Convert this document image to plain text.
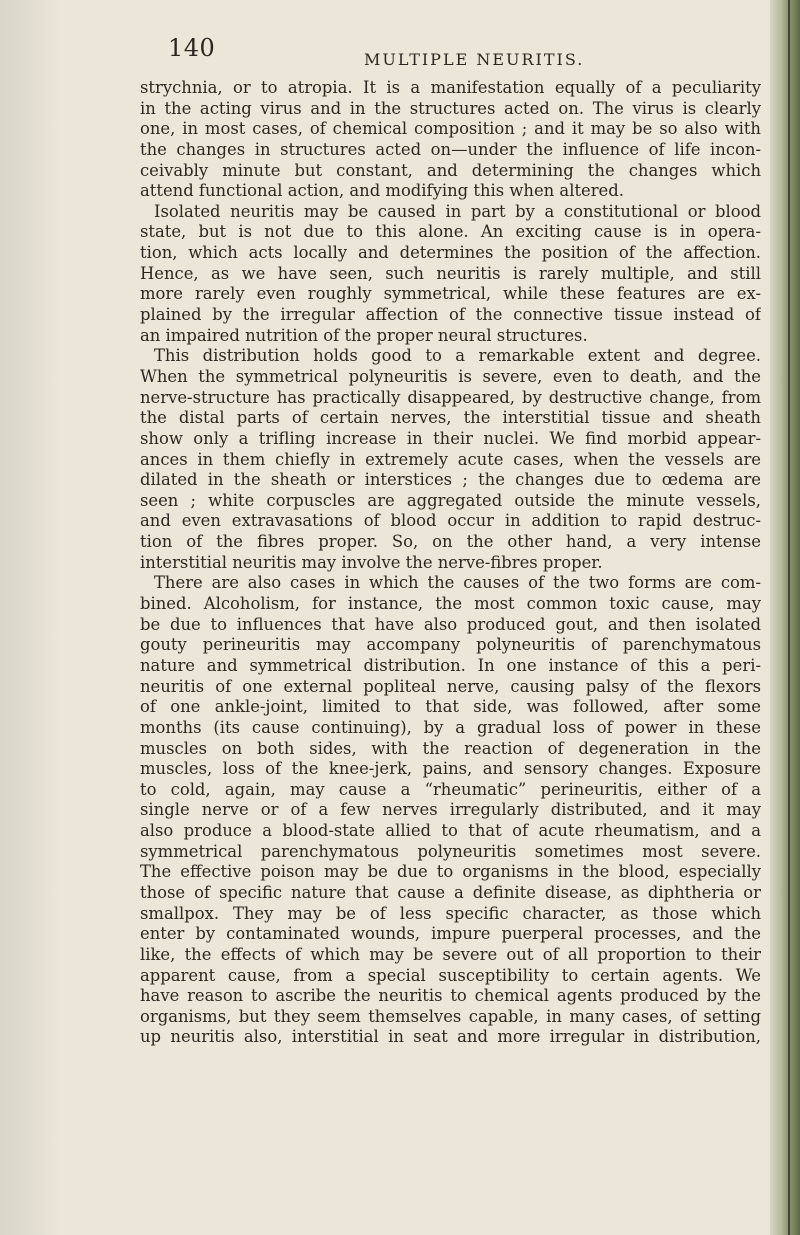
140	MULTIPLE NEURITIS.
strychnia, or to atropia. It is a manifestation equally of a peculiarity
in the acting virus and in the structures acted on. The virus is clearly
one, in most cases, of chemical composition ; and it may be so also with
the changes in structures acted on—under the influence of life incon-
ceivably minute but constant, and determining the changes which
attend functional action, and modifying this when altered.
Isolated neuritis may be caused in part by a constitutional or blood
state, but is not due to this alone. An exciting cause is in opera-
tion, which acts locally and determines the position of the affection.
Hence, as we have seen, such neuritis is rarely multiple, and still
more rarely even roughly symmetrical, while these features are ex-
plained by the irregular affection of the connective tissue instead of
an impaired nutrition of the proper neural structures.
This distribution holds good to a remarkable extent and degree.
When the symmetrical polyneuritis is severe, even to death, and the
nerve-structure has practically disappeared, by destructive change, from
the distal parts of certain nerves, the interstitial tissue and sheath
show only a trifling increase in their nuclei. We find morbid appear-
ances in them chiefly in extremely acute cases, when the vessels are
dilated in the sheath or interstices ; the changes due to œdema are
seen ; white corpuscles are aggregated outside the minute vessels,
and even extravasations of blood occur in addition to rapid destruc-
tion of the fibres proper. So, on the other hand, a very intense
interstitial neuritis may involve the nerve-fibres proper.
There are also cases in which the causes of the two forms are com-
bined. Alcoholism, for instance, the most common toxic cause, may
be due to influences that have also produced gout, and then isolated
gouty perineuritis may accompany polyneuritis of parenchymatous
nature and symmetrical distribution. In one instance of this a peri-
neuritis of one external popliteal nerve, causing palsy of the flexors
of one ankle-joint, limited to that side, was followed, after some
months (its cause continuing), by a gradual loss of power in these
muscles on both sides, with the reaction of degeneration in the
muscles, loss of the knee-jerk, pains, and sensory changes. Exposure
to cold, again, may cause a “rheumatic” perineuritis, either of a
single nerve or of a few nerves irregularly distributed, and it may
also produce a blood-state allied to that of acute rheumatism, and a
symmetrical parenchymatous polyneuritis sometimes most severe.
The effective poison may be due to organisms in the blood, especially
those of specific nature that cause a definite disease, as diphtheria or
smallpox. They may be of less specific character, as those which
enter by contaminated wounds, impure puerperal processes, and the
like, the effects of which may be severe out of all proportion to their
apparent cause, from a special susceptibility to certain agents. We
have reason to ascribe the neuritis to chemical agents produced by the
organisms, but they seem themselves capable, in many cases, of setting
up neuritis also, interstitial in seat and more irregular in distribution,
